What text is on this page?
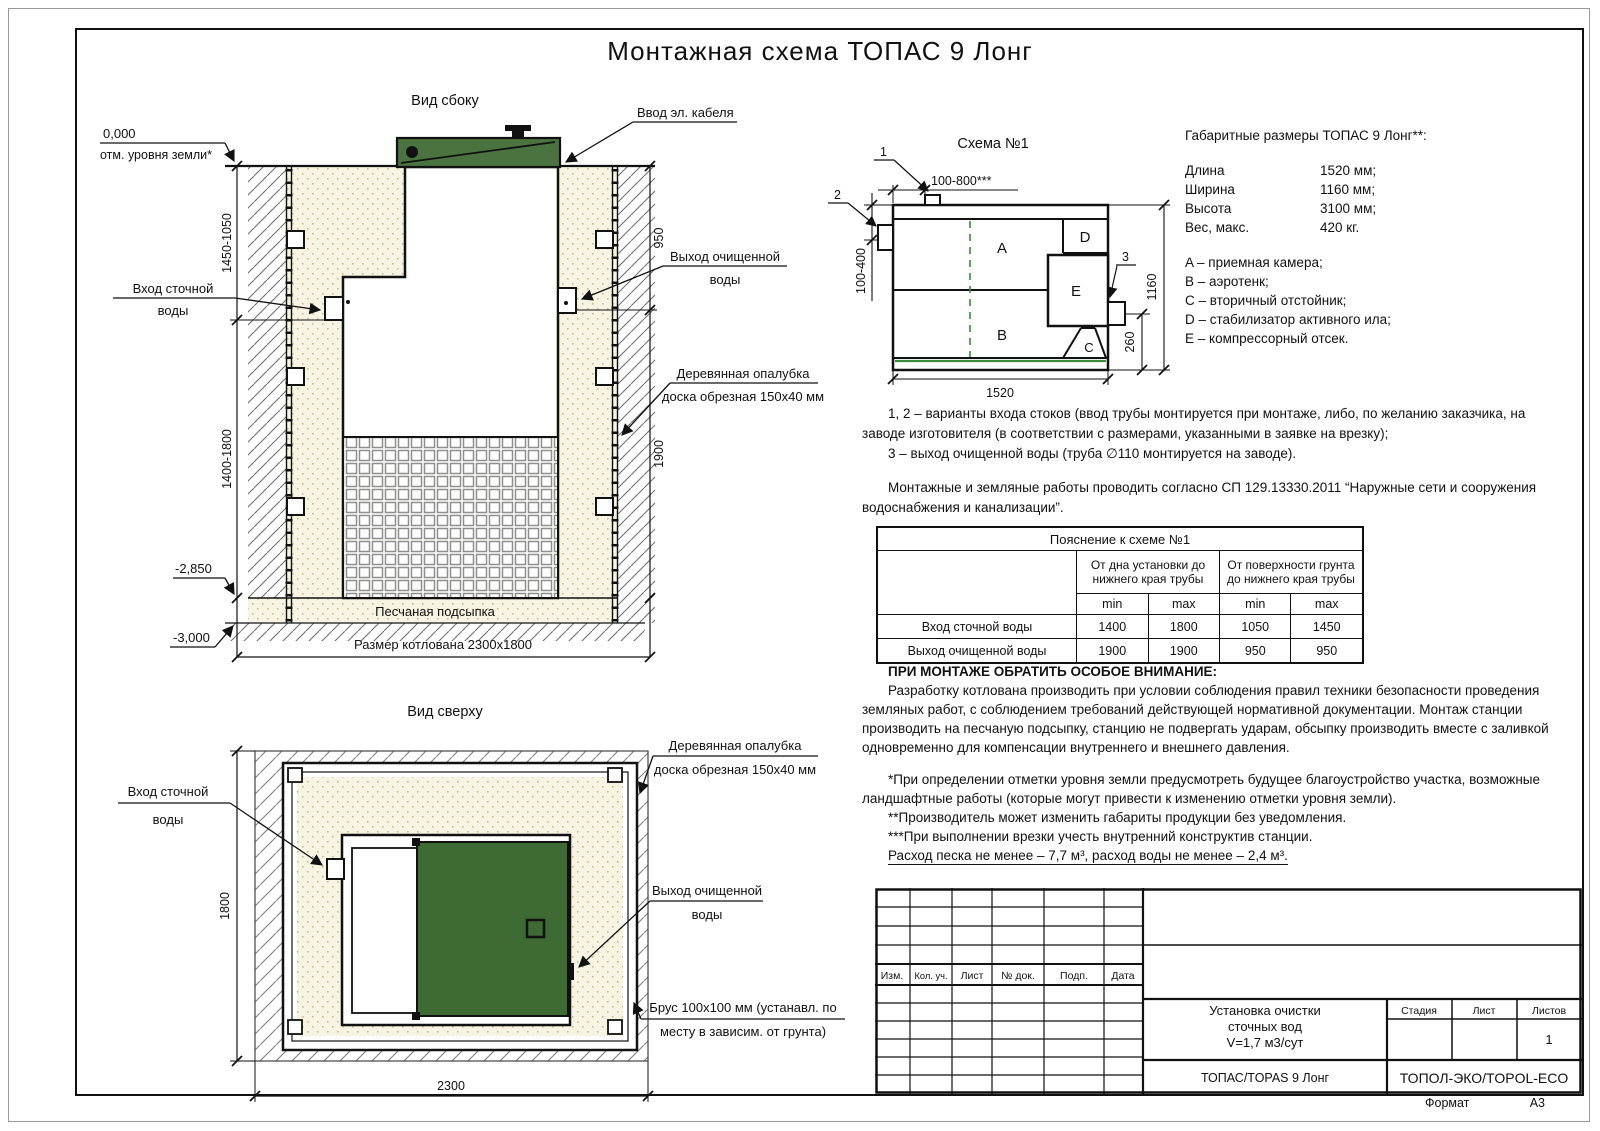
Монтажная схема ТОПАС 9 Лонг
Вид сбоку
1450-1050
1400-1800
950
1900
Размер котлована 2300х1800
0,000
отм. уровня земли*
-2,850
-3,000
Вход сточной
воды
Выход очищенной
воды
Деревянная опалубка
доска обрезная 150х40 мм
Ввод эл. кабеля
Песчаная подсыпка
Вид сверху
1800
2300
Вход сточной
воды
Деревянная опалубка
доска обрезная 150х40 мм
Выход очищенной
воды
Брус 100х100 мм (устанавл. по
месту в зависим. от грунта)
Схема №1
A
B
C
D
E
1
100-800***
2
100-400	3
260
1160
1520
Габаритные размеры ТОПАС 9 Лонг**:
Длина	1520 мм;
Ширина	1160 мм;
Высота	3100 мм;
Вес, макс.	420 кг.
A – приемная камера;
B – аэротенк;
C – вторичный отстойник;
D – стабилизатор активного ила;
E – компрессорный отсек.

1, 2 – варианты входа стоков (ввод трубы монтируется при монтаже, либо, по желанию заказчика, на заводе изготовителя (в соответствии с размерами, указанными в заявке на врезку);

3 – выход очищенной воды (труба ∅110 монтируется на заводе).

Монтажные и земляные работы проводить согласно СП 129.13330.2011 “Наружные сети и сооружения водоснабжения и канализации”.

Пояснение к схеме №1				
	От дна установки до нижнего края трубы		От поверхности грунта до нижнего края трубы	
	min	max	min	max
Вход сточной воды	1400	1800	1050	1450
Выход очищенной воды	1900	1900	950	950

ПРИ МОНТАЖЕ ОБРАТИТЬ ОСОБОЕ ВНИМАНИЕ:

Разработку котлована производить при условии соблюдения правил техники безопасности проведения земляных работ, с соблюдением требований действующей нормативной документации. Монтаж станции производить на песчаную подсыпку, станцию не подвергать ударам, обсыпку производить вместе с заливкой одновременно для компенсации внутреннего и внешнего давления.

*При определении отметки уровня земли предусмотреть будущее благоустройство участка, возможные ландшафтные работы (которые могут привести к изменению отметки уровня земли).

**Производитель может изменить габариты продукции без уведомления.

***При выполнении врезки учесть внутренний конструктив станции.

Расход песка не менее – 7,7 м³, расход воды не менее – 2,4 м³.

Изм. Кол. уч. Лист № док. Подп. Дата
Установка очистки
сточных вод
V=1,7 м3/сут
ТОПАС/TOPAS 9 Лонг
Стадия	Лист	Листов
1
ТОПОЛ-ЭКО/TOPOL-ECO
Формат	А3
